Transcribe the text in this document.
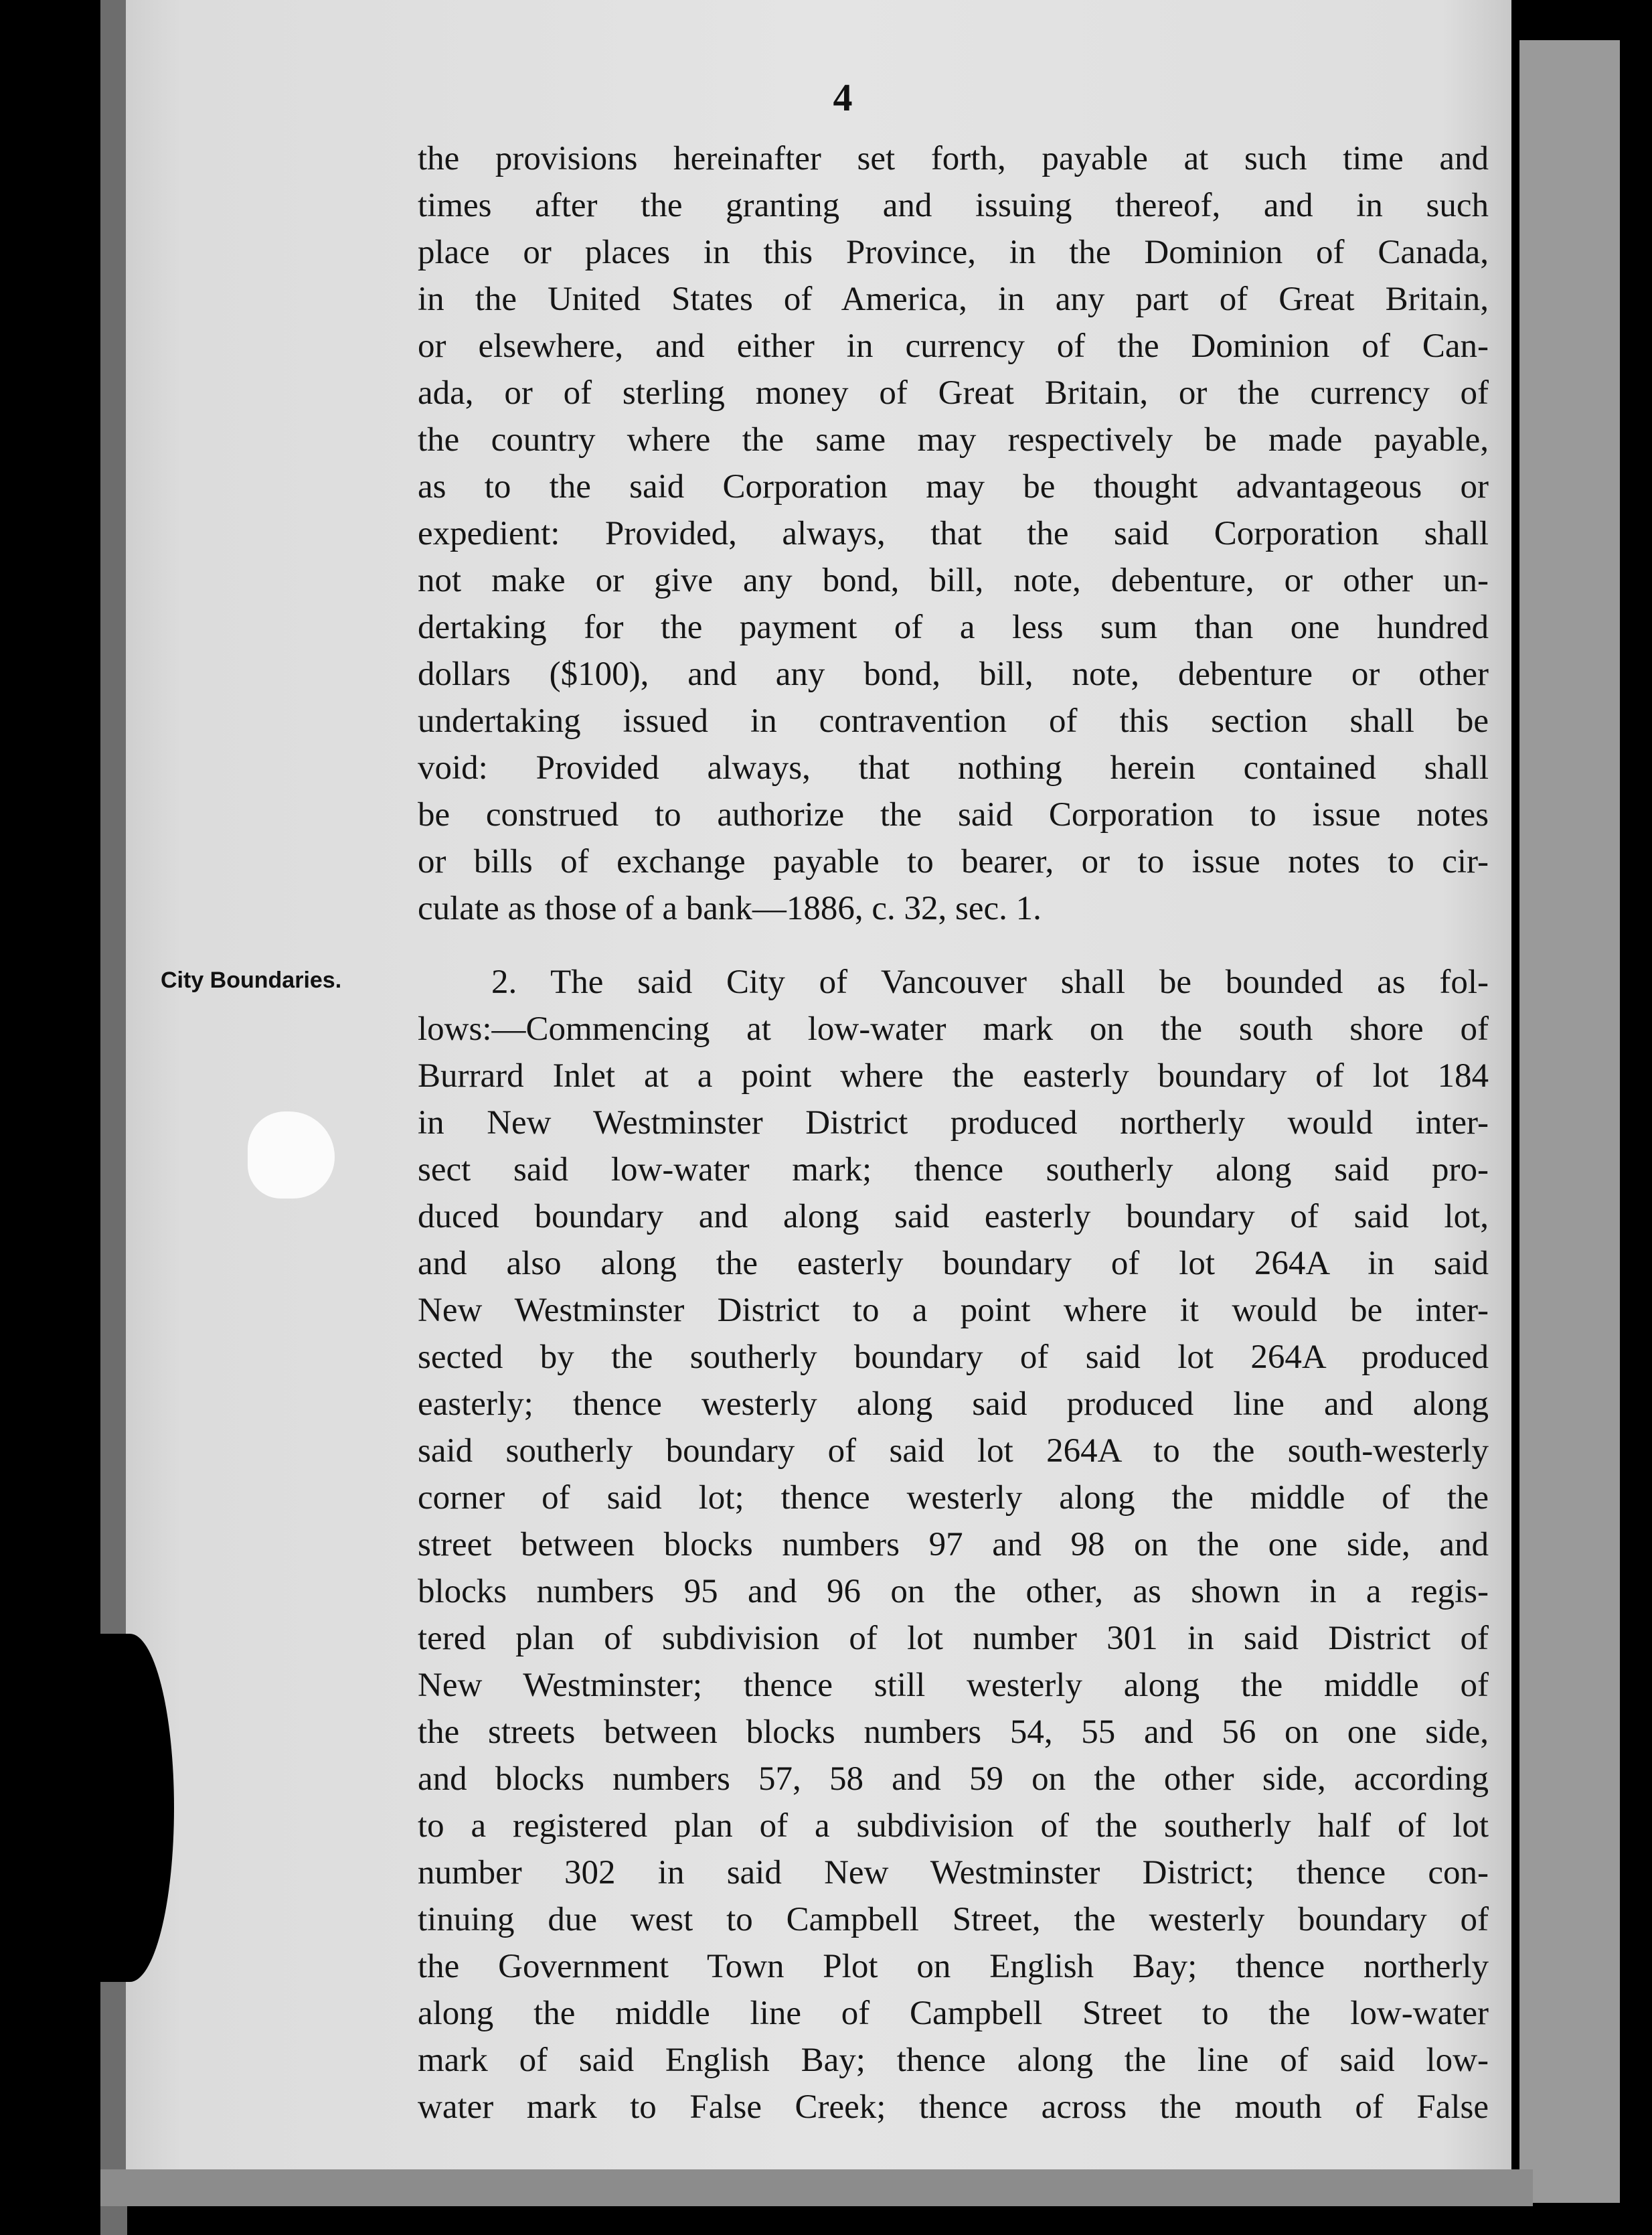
4
City Boundaries.
the provisions hereinafter set forth, payable at such time and
times after the granting and issuing thereof, and in such
place or places in this Province, in the Dominion of Canada,
in the United States of America, in any part of Great Britain,
or elsewhere, and either in currency of the Dominion of Can-
ada, or of sterling money of Great Britain, or the currency of
the country where the same may respectively be made payable,
as to the said Corporation may be thought advantageous or
expedient: Provided, always, that the said Corporation shall
not make or give any bond, bill, note, debenture, or other un-
dertaking for the payment of a less sum than one hundred
dollars ($100), and any bond, bill, note, debenture or other
undertaking issued in contravention of this section shall be
void: Provided always, that nothing herein contained shall
be construed to authorize the said Corporation to issue notes
or bills of exchange payable to bearer, or to issue notes to cir-
culate as those of a bank—1886, c. 32, sec. 1.
2. The said City of Vancouver shall be bounded as fol-
lows:—Commencing at low-water mark on the south shore of
Burrard Inlet at a point where the easterly boundary of lot 184
in New Westminster District produced northerly would inter-
sect said low-water mark; thence southerly along said pro-
duced boundary and along said easterly boundary of said lot,
and also along the easterly boundary of lot 264A in said
New Westminster District to a point where it would be inter-
sected by the southerly boundary of said lot 264A produced
easterly; thence westerly along said produced line and along
said southerly boundary of said lot 264A to the south-westerly
corner of said lot; thence westerly along the middle of the
street between blocks numbers 97 and 98 on the one side, and
blocks numbers 95 and 96 on the other, as shown in a regis-
tered plan of subdivision of lot number 301 in said District of
New Westminster; thence still westerly along the middle of
the streets between blocks numbers 54, 55 and 56 on one side,
and blocks numbers 57, 58 and 59 on the other side, according
to a registered plan of a subdivision of the southerly half of lot
number 302 in said New Westminster District; thence con-
tinuing due west to Campbell Street, the westerly boundary of
the Government Town Plot on English Bay; thence northerly
along the middle line of Campbell Street to the low-water
mark of said English Bay; thence along the line of said low-
water mark to False Creek; thence across the mouth of False
